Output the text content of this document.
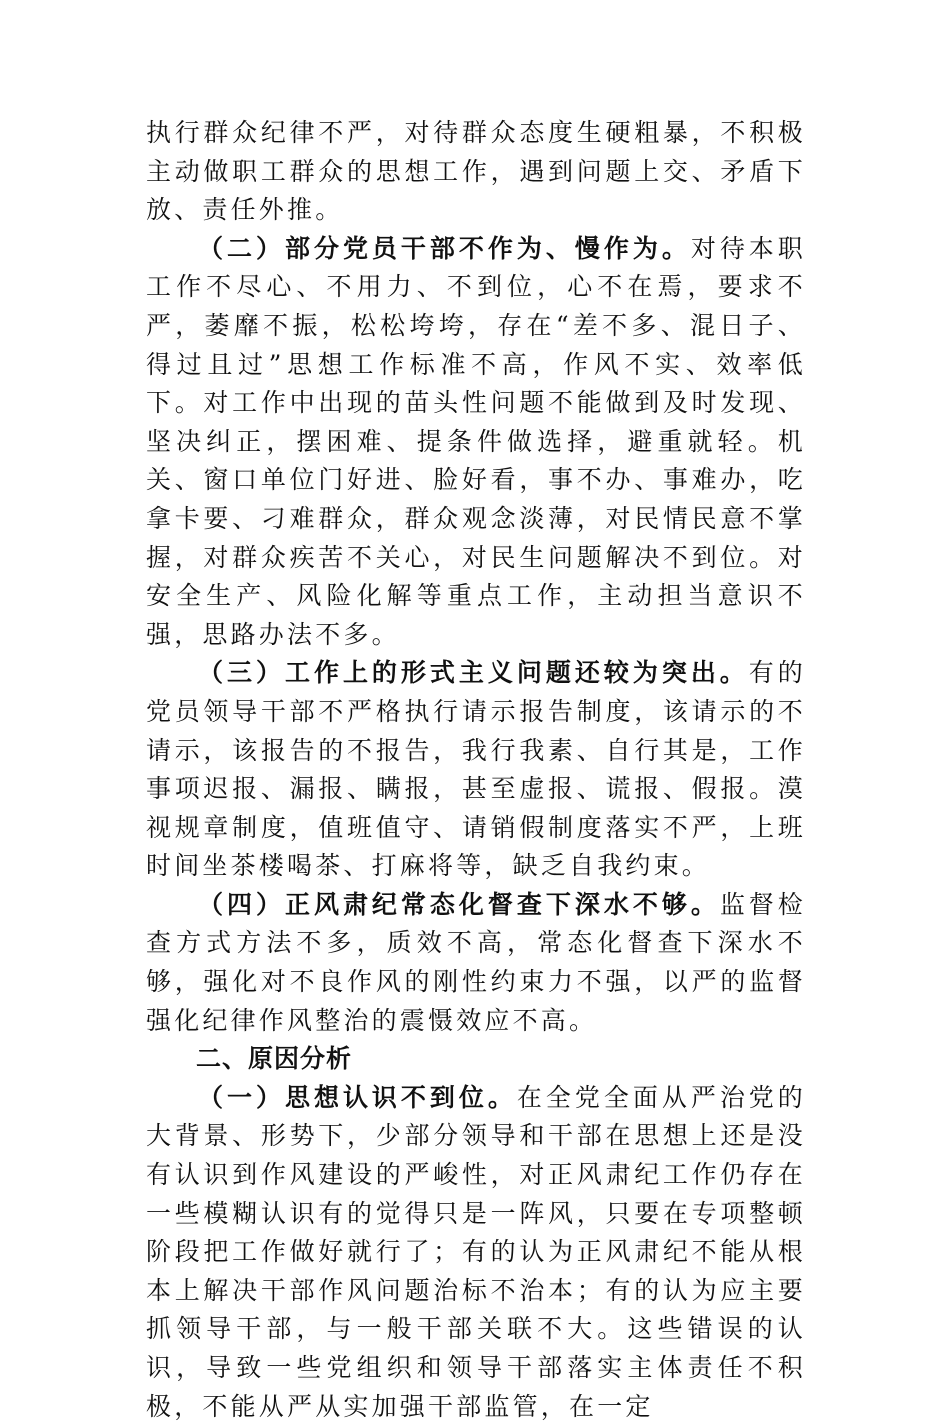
执行群众纪律不严，对待群众态度生硬粗暴，不积极主动做职工群众的思想工作，遇到问题上交、矛盾下放、责任外推。

（二）部分党员干部不作为、慢作为。对待本职工作不尽心、不用力、不到位，心不在焉，要求不严，萎靡不振，松松垮垮，存在“差不多、混日子、得过且过”思想工作标准不高，作风不实、效率低下。对工作中出现的苗头性问题不能做到及时发现、坚决纠正，摆困难、提条件做选择，避重就轻。机关、窗口单位门好进、脸好看，事不办、事难办，吃拿卡要、刁难群众，群众观念淡薄，对民情民意不掌握，对群众疾苦不关心，对民生问题解决不到位。对安全生产、风险化解等重点工作，主动担当意识不强，思路办法不多。

（三）工作上的形式主义问题还较为突出。有的党员领导干部不严格执行请示报告制度，该请示的不请示，该报告的不报告，我行我素、自行其是，工作事项迟报、漏报、瞒报，甚至虚报、谎报、假报。漠视规章制度，值班值守、请销假制度落实不严，上班时间坐茶楼喝茶、打麻将等，缺乏自我约束。

（四）正风肃纪常态化督查下深水不够。监督检查方式方法不多，质效不高，常态化督查下深水不够，强化对不良作风的刚性约束力不强，以严的监督强化纪律作风整治的震慑效应不高。

二、原因分析

（一）思想认识不到位。在全党全面从严治党的大背景、形势下，少部分领导和干部在思想上还是没有认识到作风建设的严峻性，对正风肃纪工作仍存在一些模糊认识有的觉得只是一阵风，只要在专项整顿阶段把工作做好就行了；有的认为正风肃纪不能从根本上解决干部作风问题治标不治本；有的认为应主要抓领导干部，与一般干部关联不大。这些错误的认识，导致一些党组织和领导干部落实主体责任不积极，不能从严从实加强干部监管，在一定
